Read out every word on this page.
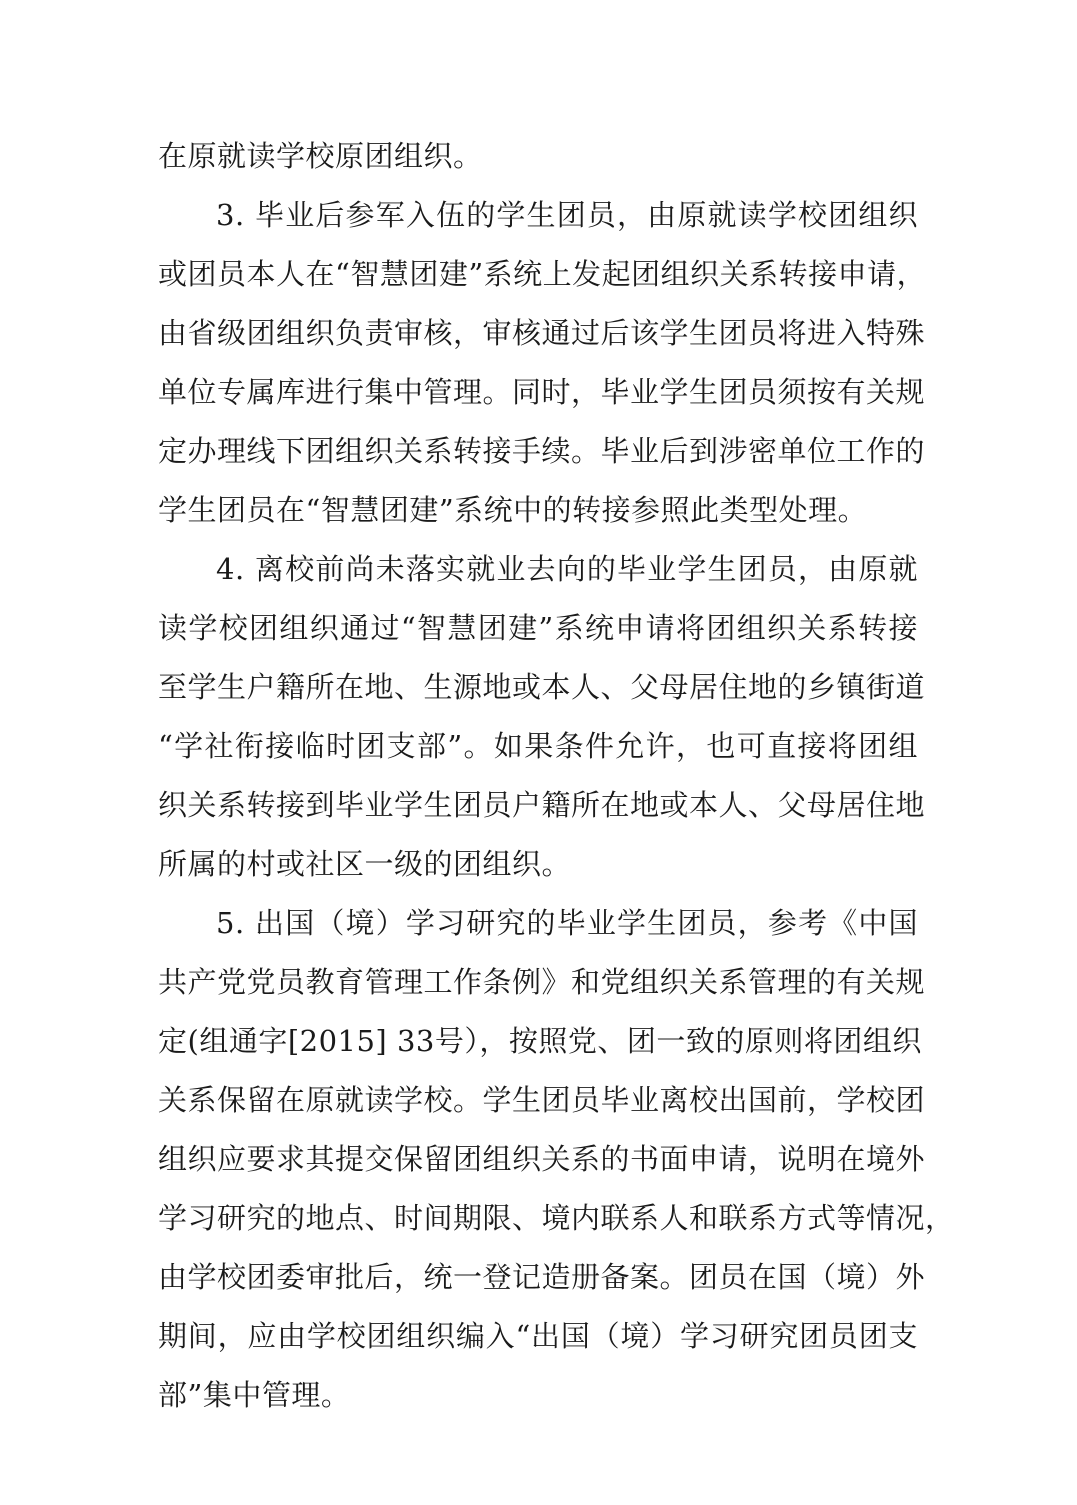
在原就读学校原团组织。
3. 毕业后参军入伍的学生团员，由原就读学校团组织
或团员本人在“智慧团建”系统上发起团组织关系转接申请，
由省级团组织负责审核，审核通过后该学生团员将进入特殊
单位专属库进行集中管理。同时，毕业学生团员须按有关规
定办理线下团组织关系转接手续。毕业后到涉密单位工作的
学生团员在“智慧团建”系统中的转接参照此类型处理。
4. 离校前尚未落实就业去向的毕业学生团员，由原就
读学校团组织通过“智慧团建”系统申请将团组织关系转接
至学生户籍所在地、生源地或本人、父母居住地的乡镇街道
“学社衔接临时团支部”。如果条件允许，也可直接将团组
织关系转接到毕业学生团员户籍所在地或本人、父母居住地
所属的村或社区一级的团组织。
5. 出国（境）学习研究的毕业学生团员，参考《中国
共产党党员教育管理工作条例》和党组织关系管理的有关规
定(组通字[2015] 33号），按照党、团一致的原则将团组织
关系保留在原就读学校。学生团员毕业离校出国前，学校团
组织应要求其提交保留团组织关系的书面申请，说明在境外
学习研究的地点、时间期限、境内联系人和联系方式等情况，
由学校团委审批后，统一登记造册备案。团员在国（境）外
期间，应由学校团组织编入“出国（境）学习研究团员团支
部”集中管理。
